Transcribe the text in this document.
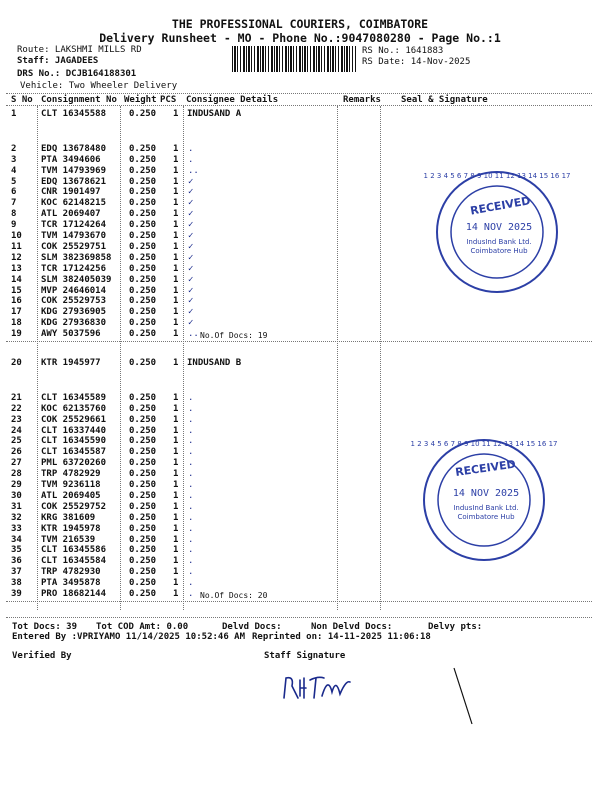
THE PROFESSIONAL COURIERS, COIMBATORE
Delivery Runsheet - MO - Phone No.:9047080280 - Page No.:1
Route: LAKSHMI MILLS RD
Staff: JAGADEES
DRS No.: DCJB164188301
Vehicle: Two Wheeler Delivery
RS No.: 1641883
RS Date: 14-Nov-2025
S No Consignment No Weight PCS Consignee Details	Remarks Seal & Signature
1	CLT 16345588	0.250 1 INDUSAND A
2	EDQ 13678480	0.250 1 .
3	PTA 3494606	0.250 1 .
4	TVM 14793969	0.250 1 ..
5	EDQ 13678621	0.250 1 ✓
6	CNR 1901497	0.250 1 ✓
7	KOC 62148215	0.250 1 ✓
8	ATL 2069407	0.250 1 ✓
9	TCR 17124264	0.250 1 ✓
10 TVM 14793670	0.250 1 ✓
11 COK 25529751	0.250 1 ✓
12 SLM 382369858 0.250 1 ✓
13 TCR 17124256	0.250 1 ✓
14 SLM 382405039 0.250 1 ✓
15 MVP 24646014	0.250 1 ✓
16 COK 25529753	0.250 1 ✓
17 KDG 27936905	0.250 1 ✓
18 KDG 27936830	0.250 1 ✓
19 AWY 5037596	0.250 1 .. No.Of Docs: 19
20 KTR 1945977	0.250 1 INDUSAND B
21 CLT 16345589	0.250 1 .
22 KOC 62135760	0.250 1 .
23 COK 25529661	0.250 1 .
24 CLT 16337440	0.250 1 .
25 CLT 16345590	0.250 1 .
26 CLT 16345587	0.250 1 .
27 PML 63720260	0.250 1 .
28 TRP 4782929	0.250 1 .
29 TVM 9236118	0.250 1 .
30 ATL 2069405	0.250 1 .
31 COK 25529752	0.250 1 .
32 KRG 381609	0.250 1 .
33 KTR 1945978	0.250 1 .
34 TVM 216539	0.250 1 .
35 CLT 16345586	0.250 1 .
36 CLT 16345584	0.250 1 .
37 TRP 4782930	0.250 1 .
38 PTA 3495878	0.250 1 .
39 PRO 18682144	0.250 1 . No.Of Docs: 20
1 2 3 4 5 6 7 8 9 10 11 12 13 14 15 16 17
RECEIVED
14 NOV 2025
IndusInd Bank Ltd.
Coimbatore Hub
1 2 3 4 5 6 7 8 9 10 11 12 13 14 15 16 17
RECEIVED
14 NOV 2025
IndusInd Bank Ltd.
Coimbatore Hub
Tot Docs: 39 Tot COD Amt: 0.00	Delvd Docs:	Non Delvd Docs:	Delvy pts:
Entered By :VPRIYAMO 11/14/2025 10:52:46 AM Reprinted on: 14-11-2025 11:06:18
Verified By	Staff Signature
